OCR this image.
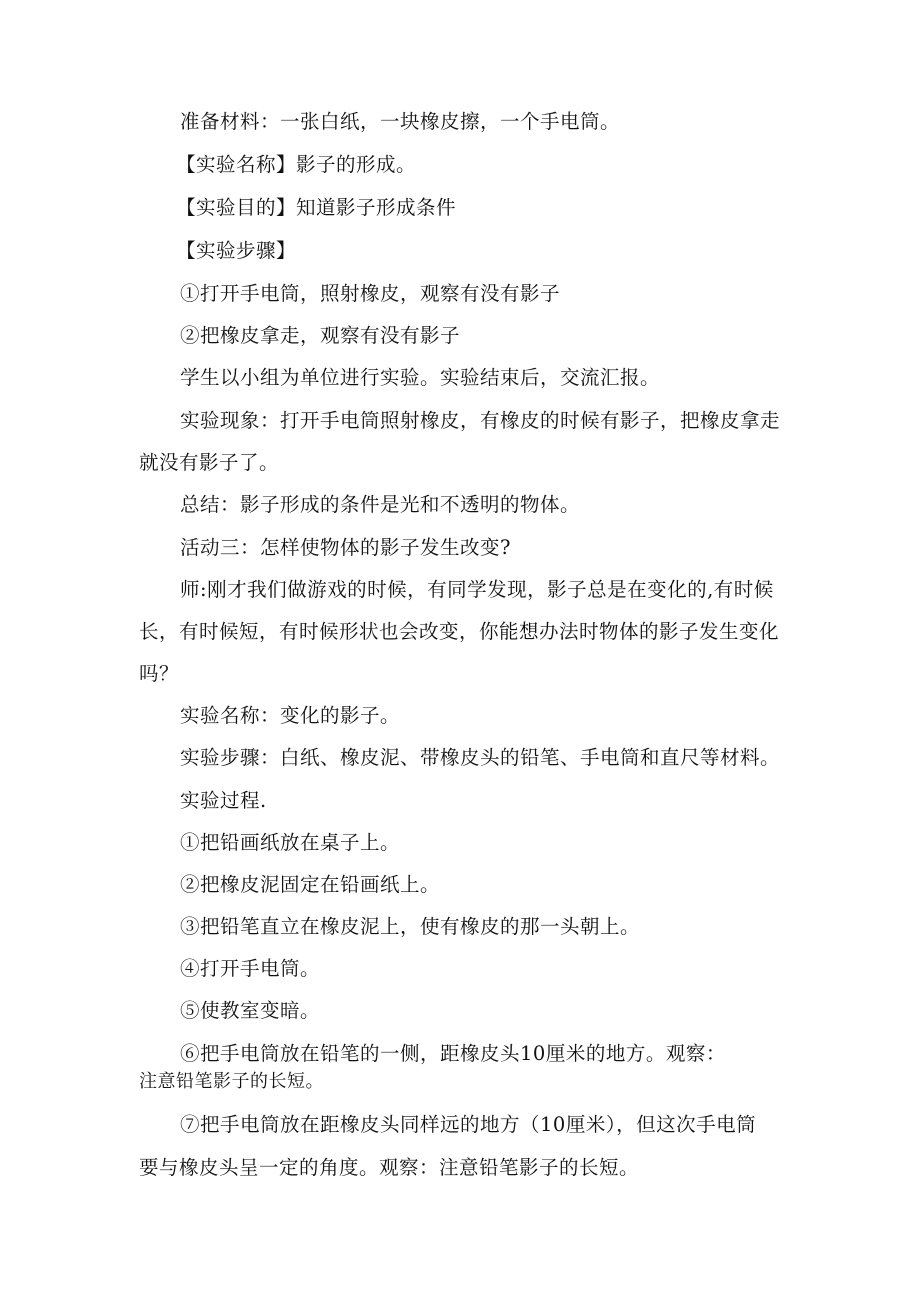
准备材料：一张白纸，一块橡皮擦，一个手电筒。
【实验名称】影子的形成。
【实验目的】知道影子形成条件
【实验步骤】
①打开手电筒，照射橡皮，观察有没有影子
②把橡皮拿走，观察有没有影子
学生以小组为单位进行实验。实验结束后，交流汇报。
实验现象：打开手电筒照射橡皮，有橡皮的时候有影子，把橡皮拿走
就没有影子了。
总结：影子形成的条件是光和不透明的物体。
活动三：怎样使物体的影子发生改变?
师:刚才我们做游戏的时候，有同学发现，影子总是在变化的,有时候
长，有时候短，有时候形状也会改变，你能想办法时物体的影子发生变化
吗？
实验名称：变化的影子。
实验步骤：白纸、橡皮泥、带橡皮头的铅笔、手电筒和直尺等材料。
实验过程.
①把铅画纸放在桌子上。
②把橡皮泥固定在铅画纸上。
③把铅笔直立在橡皮泥上，使有橡皮的那一头朝上。
④打开手电筒。
⑤使教室变暗。
⑥把手电筒放在铅笔的一侧，距橡皮头10厘米的地方。观察：
注意铅笔影子的长短。
⑦把手电筒放在距橡皮头同样远的地方（10厘米），但这次手电筒
要与橡皮头呈一定的角度。观察：注意铅笔影子的长短。
